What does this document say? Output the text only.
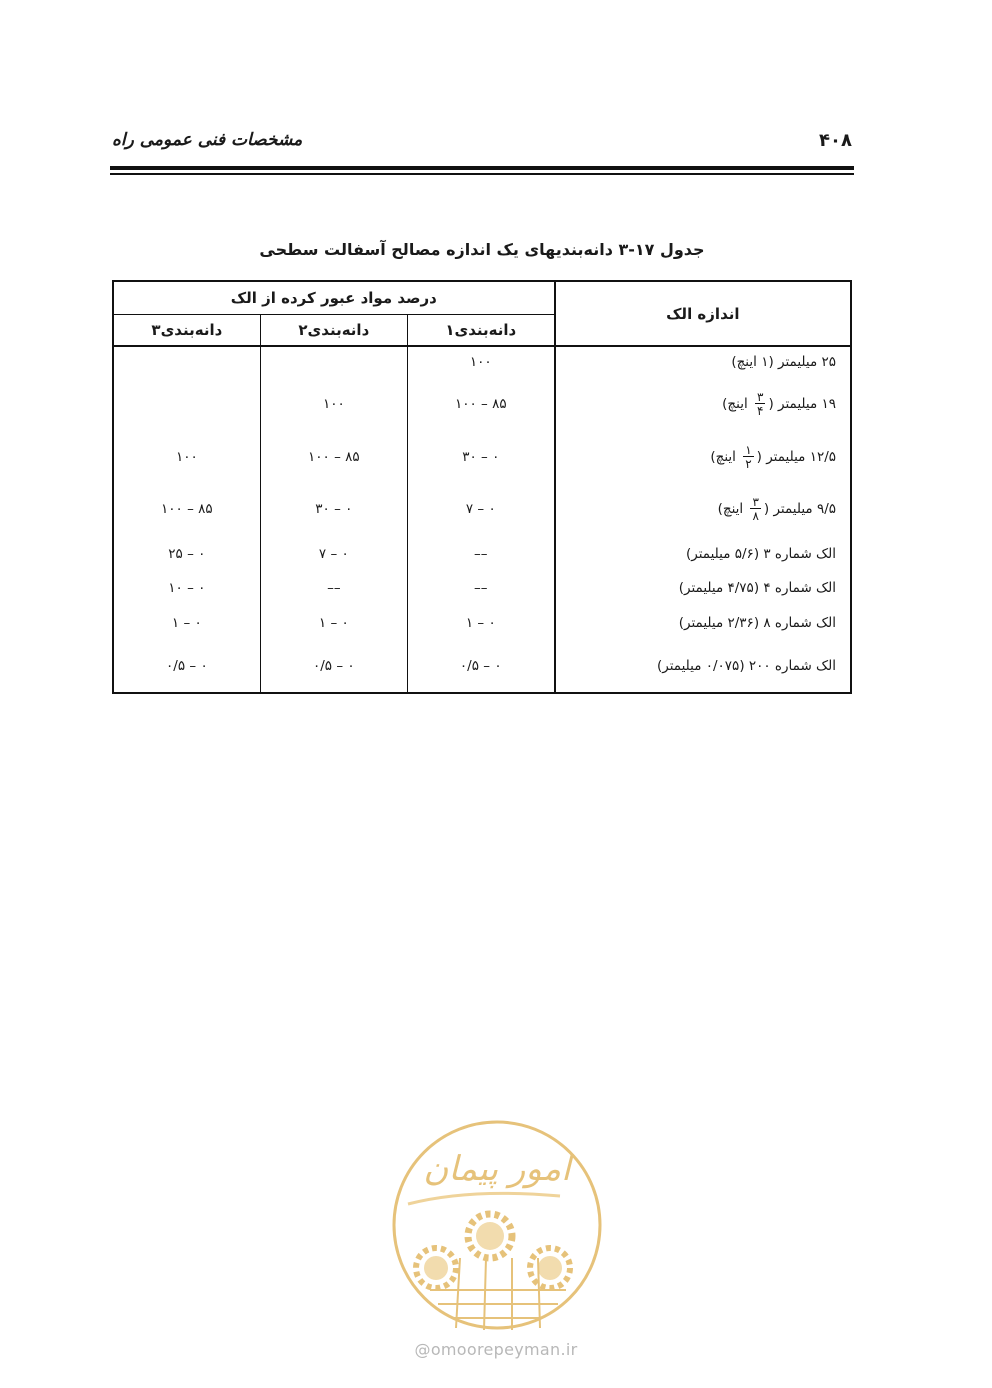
مشخصات فنی عمومی راه	۴۰۸
جدول ۱۷-۳ دانه‌بندیهای یک اندازه مصالح آسفالت سطحی
اندازه الک	درصد مواد عبور کرده از الک		
	دانه‌بندی۱	دانه‌بندی۲	دانه‌بندی۳
۲۵ میلیمتر (۱ اینچ)	۱۰۰		
۱۹ میلیمتر (
$\frac{۳}{۴}$
اینچ)	۸۵ – ۱۰۰	۱۰۰	
۱۲/۵ میلیمتر (
$\frac{۱}{۲}$
اینچ)	۰ – ۳۰	۸۵ – ۱۰۰	۱۰۰
۹/۵ میلیمتر (
$\frac{۳}{۸}$
اینچ)	۰ – ۷	۰ – ۳۰	۸۵ – ۱۰۰
الک شماره ۳ (۵/۶ میلیمتر)	––	۰ – ۷	۰ – ۲۵
الک شماره ۴ (۴/۷۵ میلیمتر)	––	––	۰ – ۱۰
الک شماره ۸ (۲/۳۶ میلیمتر)	۰ – ۱	۰ – ۱	۰ – ۱
الک شماره ۲۰۰ (۰/۰۷۵ میلیمتر)	۰ – ۰/۵	۰ – ۰/۵	۰ – ۰/۵
امور پیمان
@omoorepeyman.ir
